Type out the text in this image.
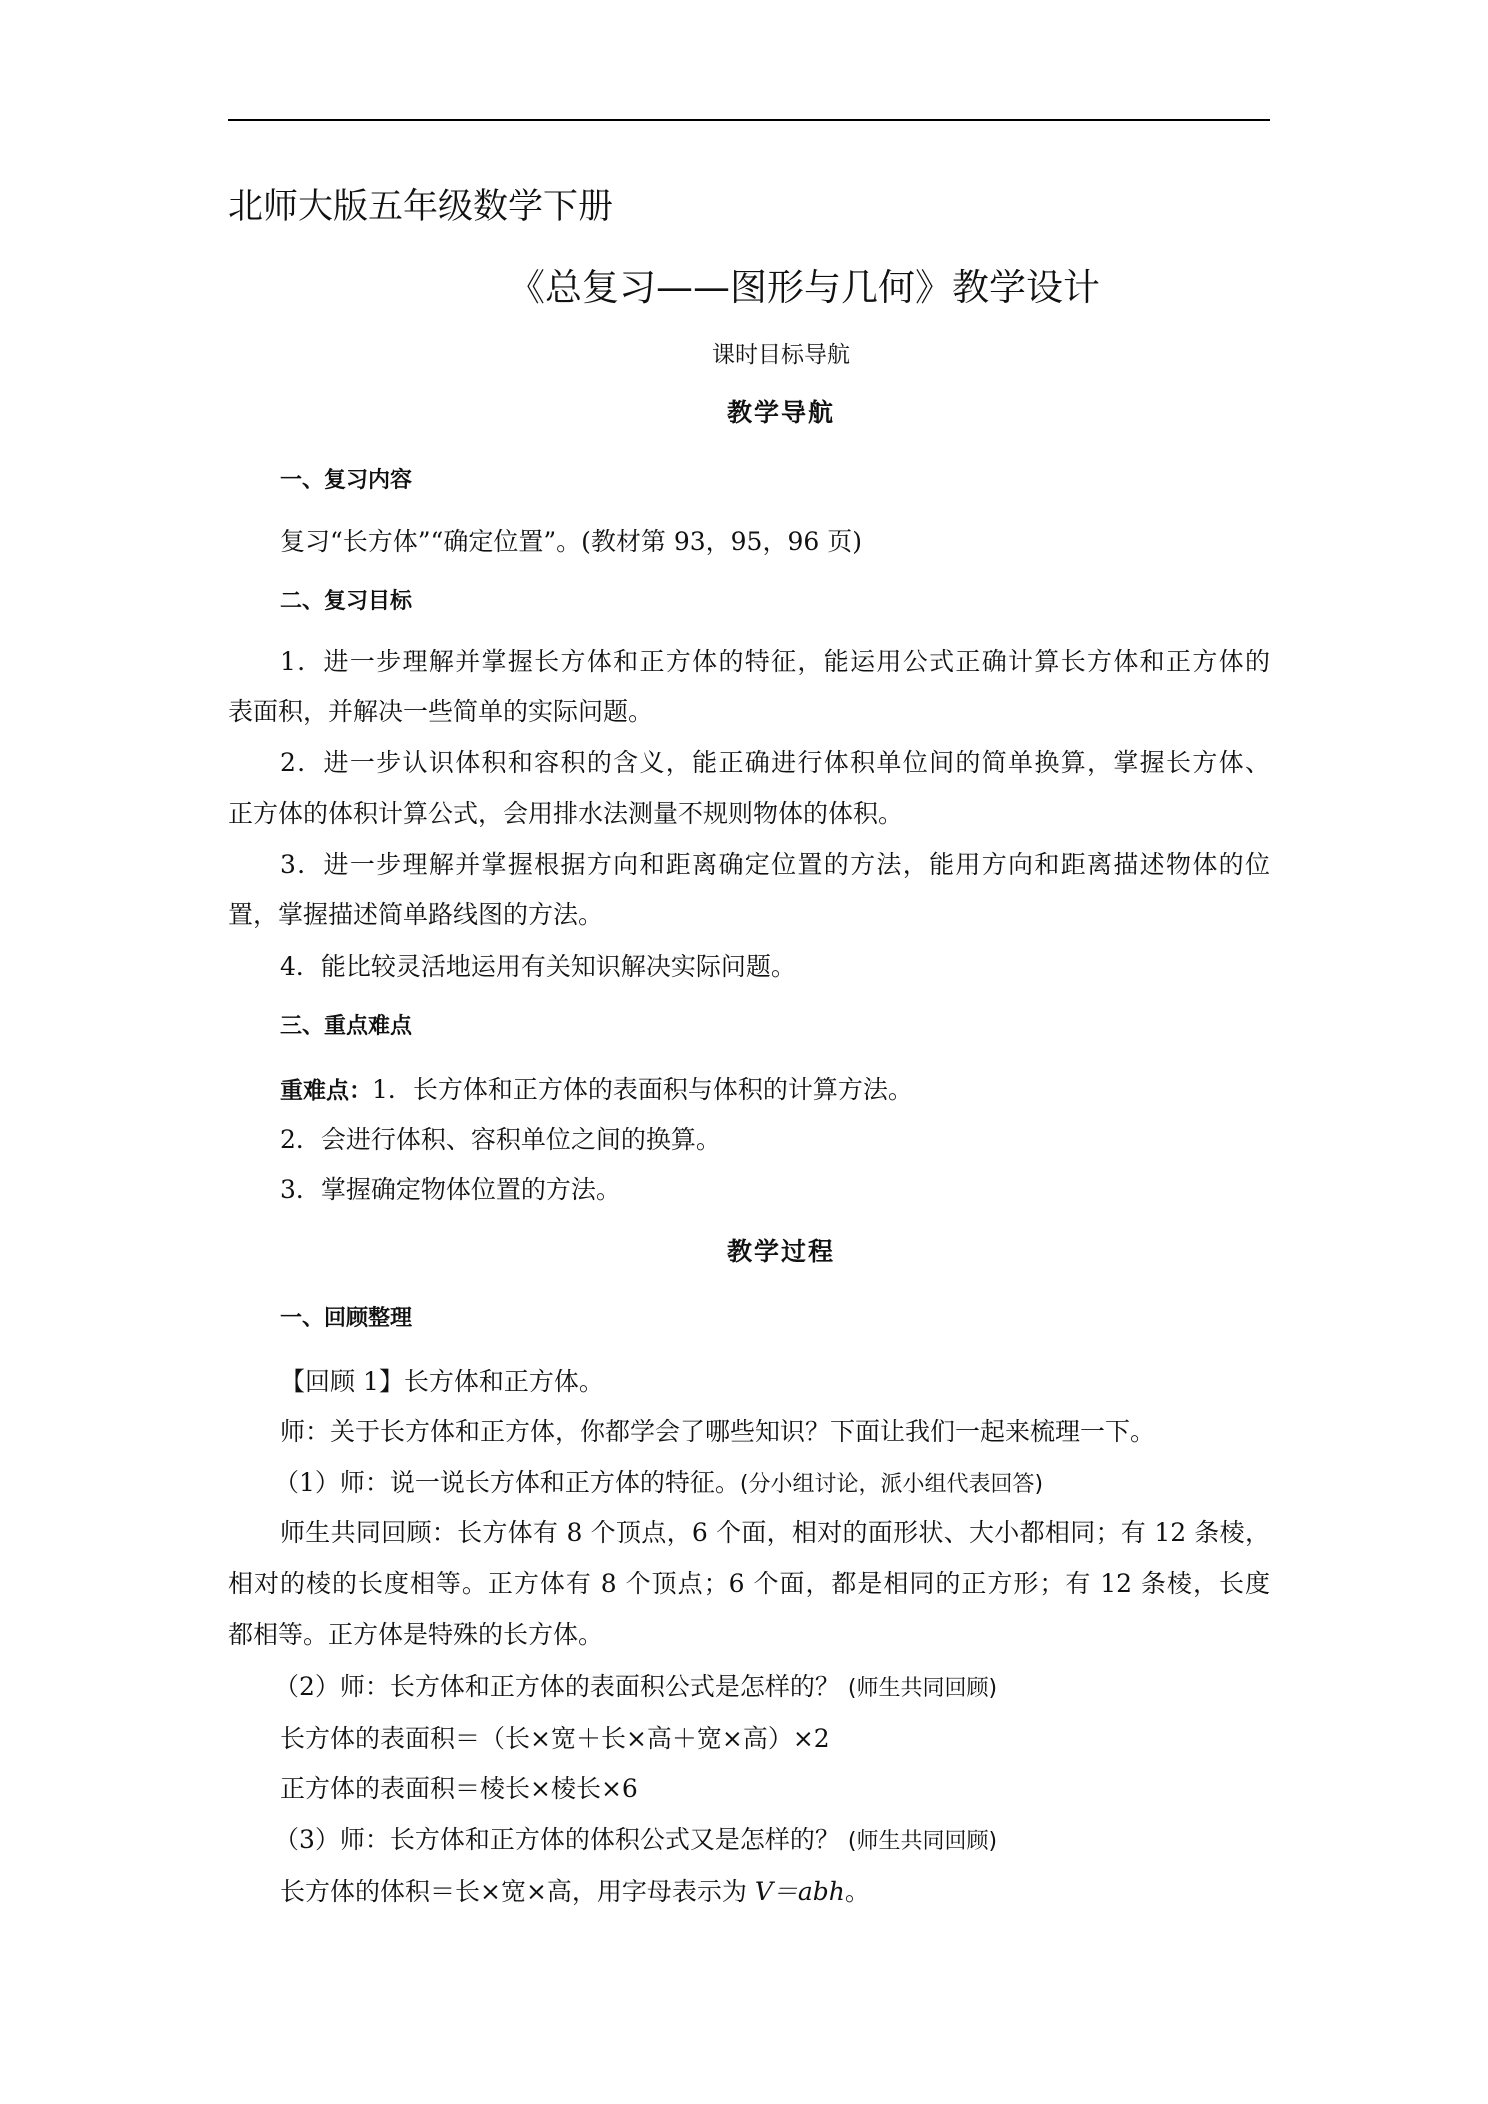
北师大版五年级数学下册
《总复习——图形与几何》教学设计
课时目标导航
教学导航
一、复习内容
复习“长方体”“确定位置”。(教材第 93，95，96 页)
二、复习目标
1．进一步理解并掌握长方体和正方体的特征，能运用公式正确计算长方体和正方体的
表面积，并解决一些简单的实际问题。
2．进一步认识体积和容积的含义，能正确进行体积单位间的简单换算，掌握长方体、
正方体的体积计算公式，会用排水法测量不规则物体的体积。
3．进一步理解并掌握根据方向和距离确定位置的方法，能用方向和距离描述物体的位
置，掌握描述简单路线图的方法。
4．能比较灵活地运用有关知识解决实际问题。
三、重点难点
重难点：1．长方体和正方体的表面积与体积的计算方法。
2．会进行体积、容积单位之间的换算。
3．掌握确定物体位置的方法。
教学过程
一、回顾整理
【回顾 1】长方体和正方体。
师：关于长方体和正方体，你都学会了哪些知识？下面让我们一起来梳理一下。
（1）师：说一说长方体和正方体的特征。(分小组讨论，派小组代表回答)
师生共同回顾：长方体有 8 个顶点，6 个面，相对的面形状、大小都相同；有 12 条棱，
相对的棱的长度相等。正方体有 8 个顶点；6 个面，都是相同的正方形；有 12 条棱，长度
都相等。正方体是特殊的长方体。
（2）师：长方体和正方体的表面积公式是怎样的？ (师生共同回顾)
长方体的表面积＝（长×宽＋长×高＋宽×高）×2
正方体的表面积＝棱长×棱长×6
（3）师：长方体和正方体的体积公式又是怎样的？ (师生共同回顾)
长方体的体积＝长×宽×高，用字母表示为 V＝abh。
